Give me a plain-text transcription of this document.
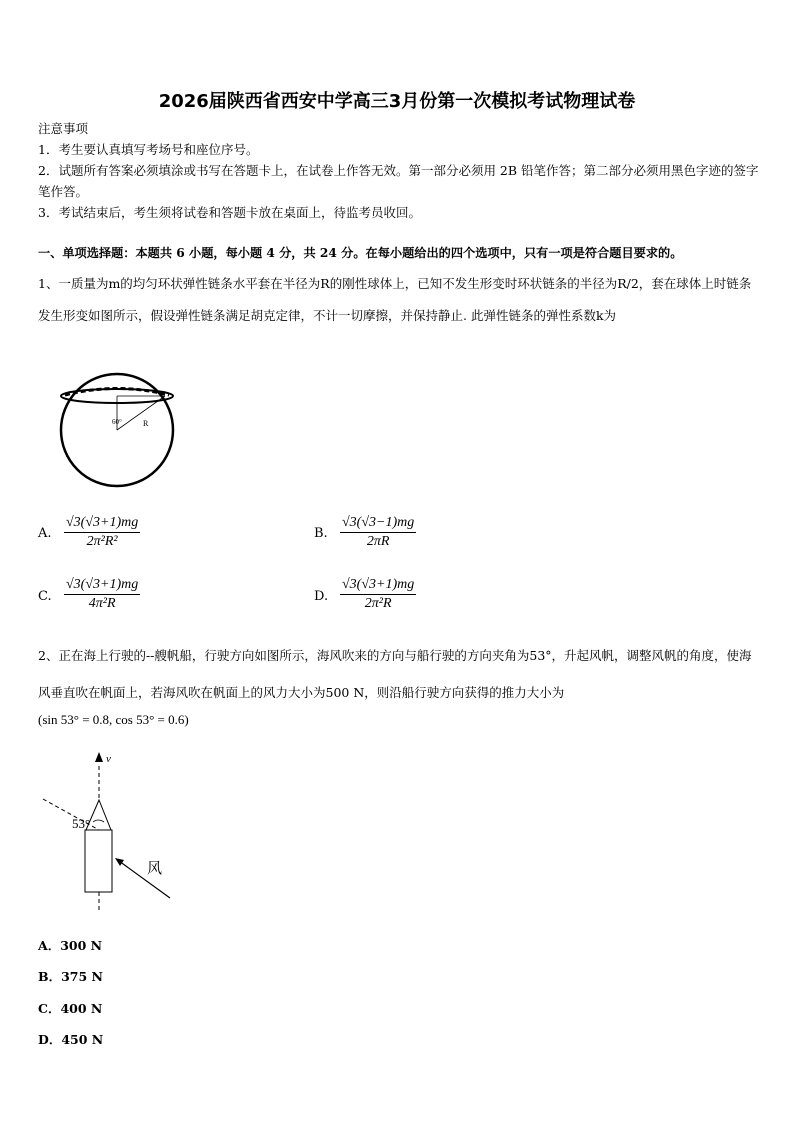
2026届陕西省西安中学高三3月份第一次模拟考试物理试卷
注意事项
1．考生要认真填写考场号和座位序号。
2．试题所有答案必须填涂或书写在答题卡上，在试卷上作答无效。第一部分必须用 2B 铅笔作答；第二部分必须用黑色字迹的签字笔作答。
3．考试结束后，考生须将试卷和答题卡放在桌面上，待监考员收回。
一、单项选择题：本题共 6 小题，每小题 4 分，共 24 分。在每小题给出的四个选项中，只有一项是符合题目要求的。
1、一质量为m的均匀环状弹性链条水平套在半径为R的刚性球体上，已知不发生形变时环状链条的半径为R/2，套在球体上时链条发生形变如图所示，假设弹性链条满足胡克定律，不计一切摩擦，并保持静止. 此弹性链条的弹性系数k为
60°	R
A. $\frac{√3(√3+1)mg}{\text{2π²R²}}$	B. $\frac{√3(√3-1)mg}{2\pi R}$
C. $\frac{√3(√3+1)mg}{\text{4π²R}}$	D. $\frac{√3(√3+1)mg}{\text{2π²R}}$
2、正在海上行驶的--艘帆船，行驶方向如图所示，海风吹来的方向与船行驶的方向夹角为53°，升起风帆，调整风帆的角度，使海风垂直吹在帆面上，若海风吹在帆面上的风力大小为500 N，则沿船行驶方向获得的推力大小为
(sin 53° = 0.8, cos 53° = 0.6)
v
53°
风
A．300 N
B．375 N
C．400 N
D．450 N
